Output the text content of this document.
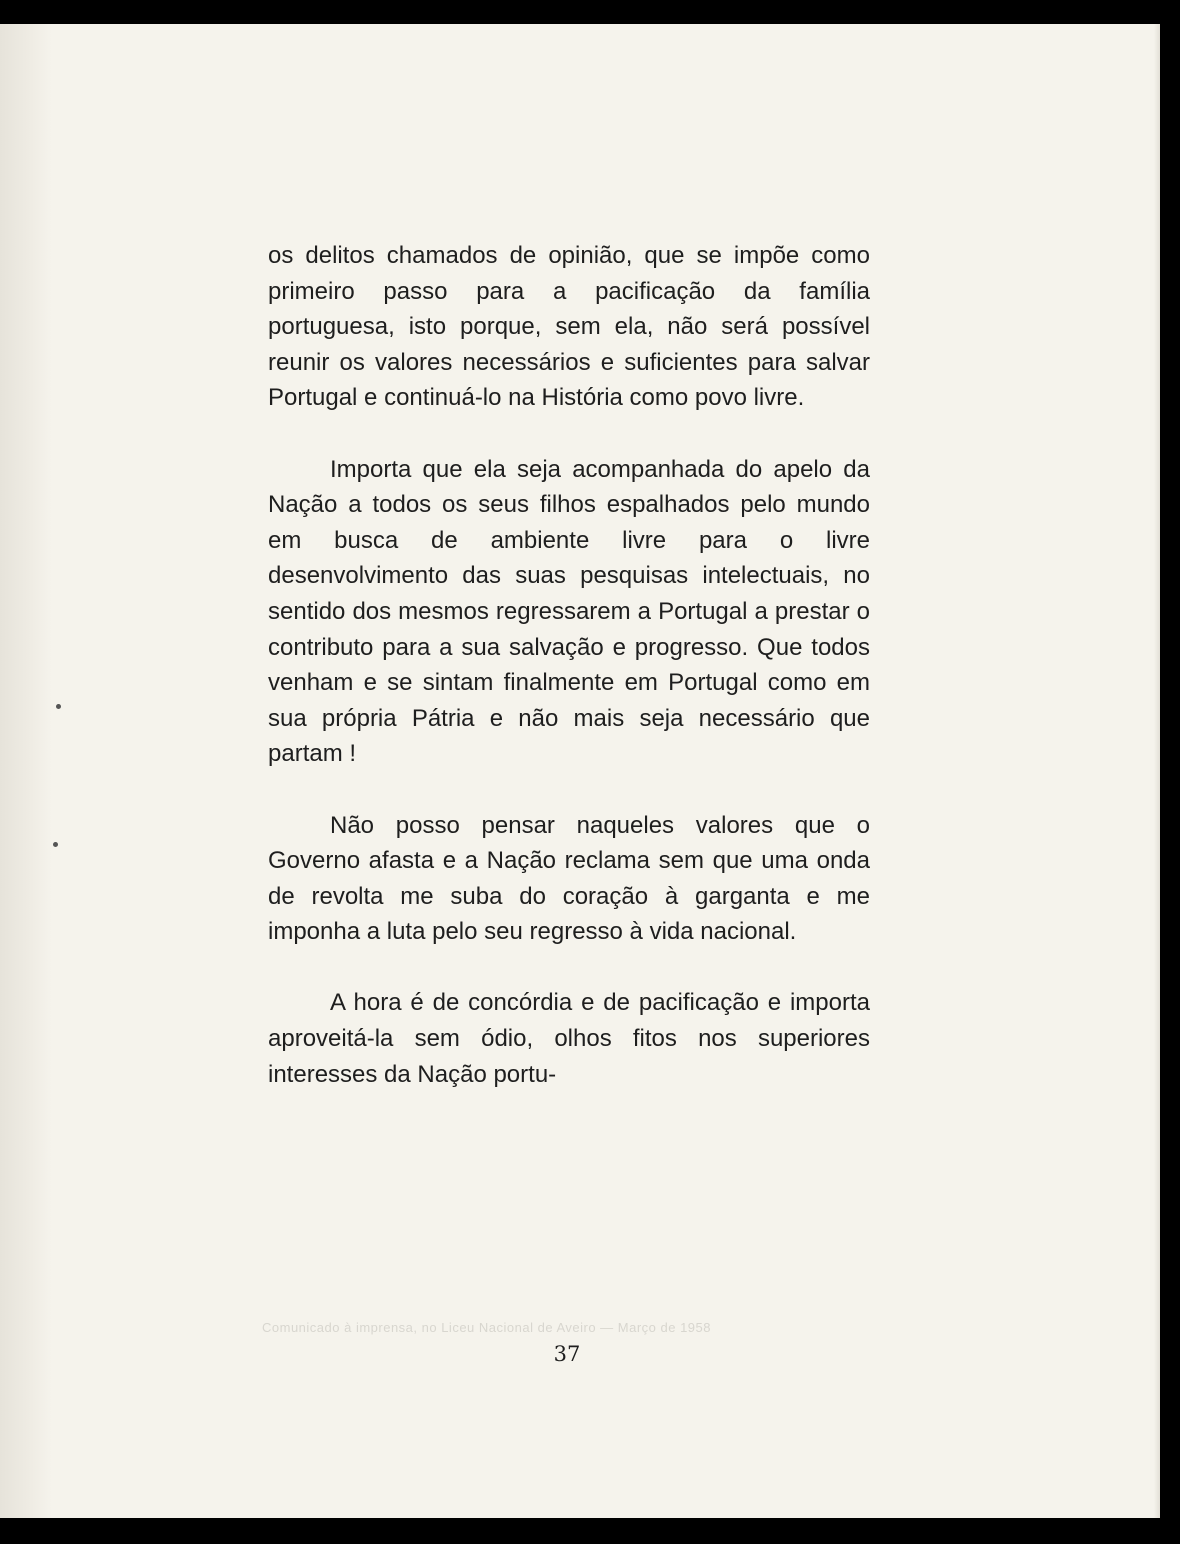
os delitos chamados de opinião, que se impõe como primeiro passo para a pacificação da família portuguesa, isto porque, sem ela, não será possível reunir os valores necessários e suficientes para salvar Portugal e continuá-lo na História como povo livre.

Importa que ela seja acompanhada do apelo da Nação a todos os seus filhos espalhados pelo mundo em busca de ambiente livre para o livre desenvolvimento das suas pesquisas intelectuais, no sentido dos mesmos regressarem a Portugal a prestar o contributo para a sua salvação e progresso. Que todos venham e se sintam finalmente em Portugal como em sua própria Pátria e não mais seja necessário que partam !

Não posso pensar naqueles valores que o Governo afasta e a Nação reclama sem que uma onda de revolta me suba do coração à garganta e me imponha a luta pelo seu regresso à vida nacional.

A hora é de concórdia e de pacificação e importa aproveitá-la sem ódio, olhos fitos nos superiores interesses da Nação portu-

Comunicado à imprensa, no Liceu Nacional de Aveiro — Março de 1958
37
